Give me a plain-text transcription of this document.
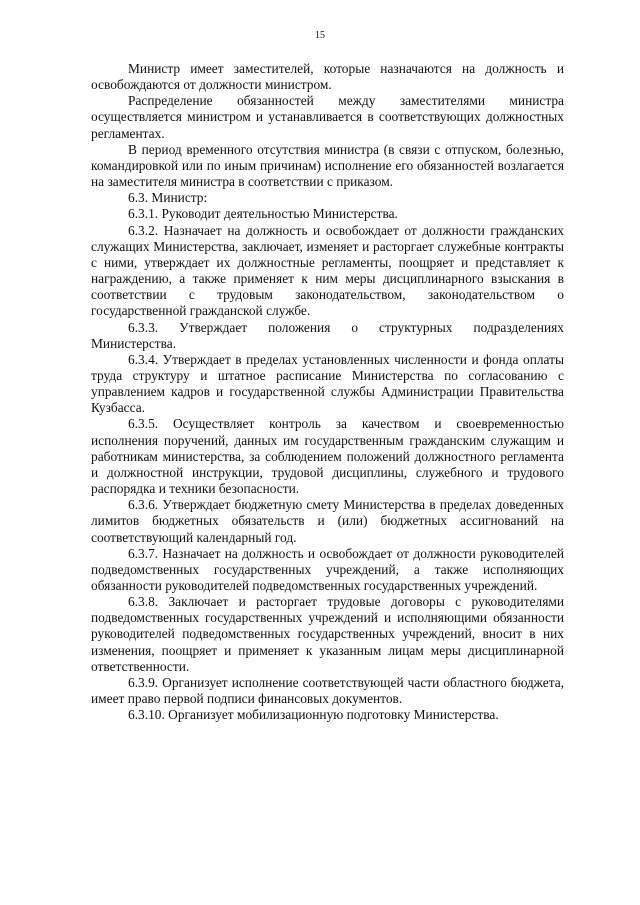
15

Министр имеет заместителей, которые назначаются на должность и освобождаются от должности министром.

Распределение обязанностей между заместителями министра осуществляется министром и устанавливается в соответствующих должностных регламентах.

В период временного отсутствия министра (в связи с отпуском, болезнью, командировкой или по иным причинам) исполнение его обязанностей возлагается на заместителя министра в соответствии с приказом.

6.3. Министр:

6.3.1. Руководит деятельностью Министерства.

6.3.2. Назначает на должность и освобождает от должности гражданских служащих Министерства, заключает, изменяет и расторгает служебные контракты с ними, утверждает их должностные регламенты, поощряет и представляет к награждению, а также применяет к ним меры дисциплинарного взыскания в соответствии с трудовым законодательством, законодательством о государственной гражданской службе.

6.3.3. Утверждает положения о структурных подразделениях Министерства.

6.3.4. Утверждает в пределах установленных численности и фонда оплаты труда структуру и штатное расписание Министерства по согласованию с управлением кадров и государственной службы Администрации Правительства Кузбасса.

6.3.5. Осуществляет контроль за качеством и своевременностью исполнения поручений, данных им государственным гражданским служащим и работникам министерства, за соблюдением положений должностного регламента и должностной инструкции, трудовой дисциплины, служебного и трудового распорядка и техники безопасности.

6.3.6. Утверждает бюджетную смету Министерства в пределах доведенных лимитов бюджетных обязательств и (или) бюджетных ассигнований на соответствующий календарный год.

6.3.7. Назначает на должность и освобождает от должности руководителей подведомственных государственных учреждений, а также исполняющих обязанности руководителей подведомственных государственных учреждений.

6.3.8. Заключает и расторгает трудовые договоры с руководителями подведомственных государственных учреждений и исполняющими обязанности руководителей подведомственных государственных учреждений, вносит в них изменения, поощряет и применяет к указанным лицам меры дисциплинарной ответственности.

6.3.9. Организует исполнение соответствующей части областного бюджета, имеет право первой подписи финансовых документов.

6.3.10. Организует мобилизационную подготовку Министерства.
